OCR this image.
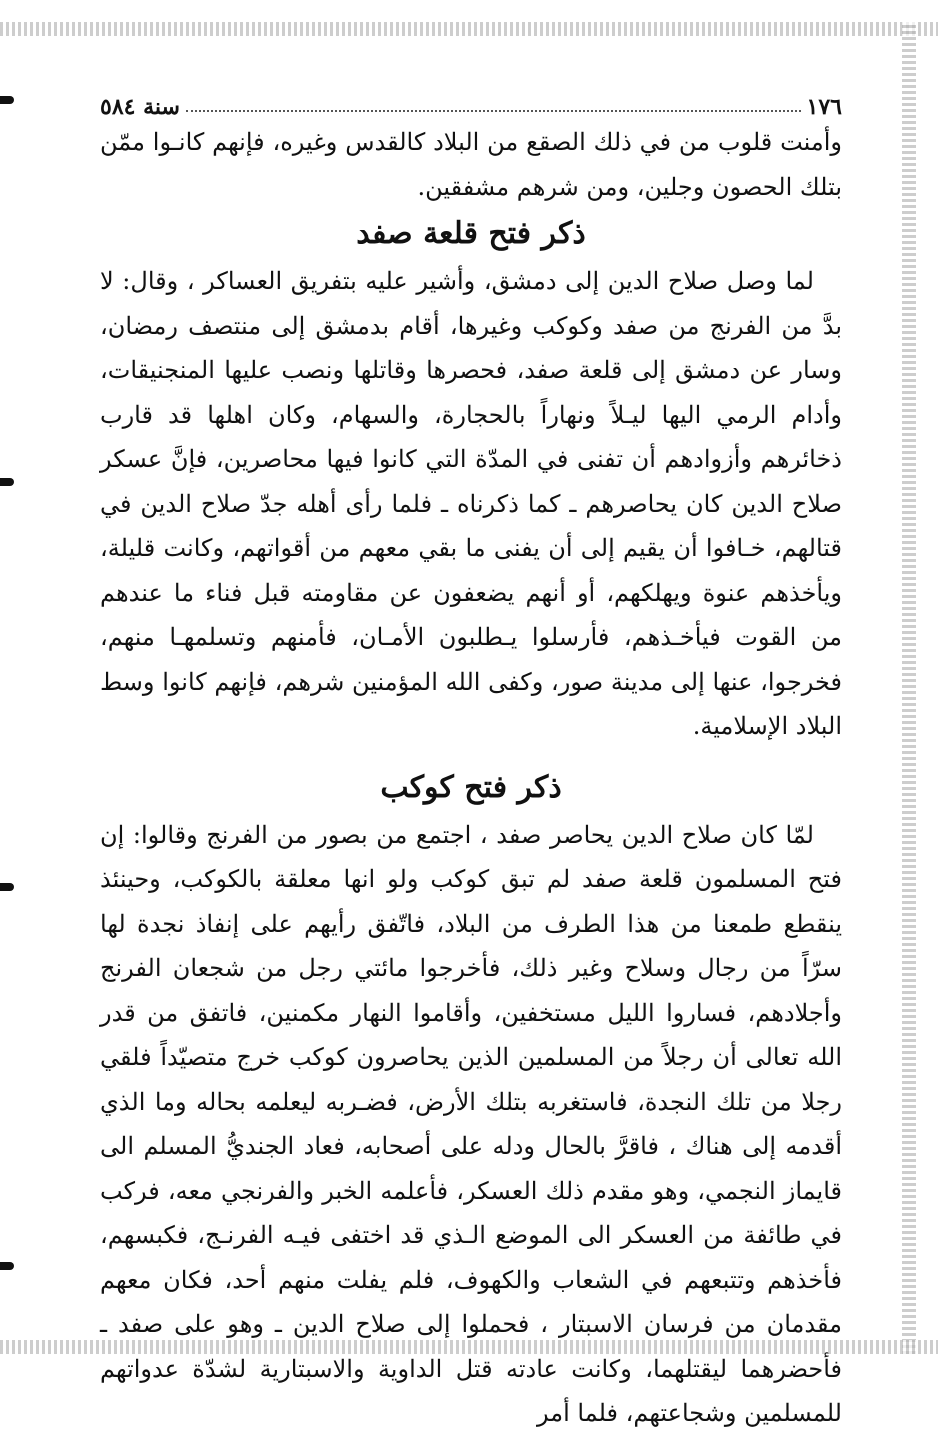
١٧٦
سنة ٥٨٤

وأمنت قلوب من في ذلك الصقع من البلاد كالقدس وغيره، فإنهم كانـوا ممّن بتلك الحصون وجلين، ومن شرهم مشفقين.

ذكر فتح قلعة صفد

لما وصل صلاح الدين إلى دمشق، وأشير عليه بتفريق العساكر ، وقال: لا بدَّ من الفرنج من صفد وكوكب وغيرها، أقام بدمشق إلى منتصف رمضان، وسار عن دمشق إلى قلعة صفد، فحصرها وقاتلها ونصب عليها المنجنيقات، وأدام الرمي اليها ليـلاً ونهاراً بالحجارة، والسهام، وكان اهلها قد قارب ذخائرهم وأزوادهم أن تفنى في المدّة التي كانوا فيها محاصرين، فإنَّ عسكر صلاح الدين كان يحاصرهم ـ كما ذكرناه ـ فلما رأى أهله جدّ صلاح الدين في قتالهم، خـافوا أن يقيم إلى أن يفنى ما بقي معهم من أقواتهم، وكانت قليلة، ويأخذهم عنوة ويهلكهم، أو أنهم يضعفون عن مقاومته قبل فناء ما عندهم من القوت فيأخـذهم، فأرسلوا يـطلبون الأمـان، فأمنهم وتسلمهـا منهم، فخرجوا، عنها إلى مدينة صور، وكفى الله المؤمنين شرهم، فإنهم كانوا وسط البلاد الإسلامية.

ذكر فتح كوكب

لمّا كان صلاح الدين يحاصر صفد ، اجتمع من بصور من الفرنج وقالوا: إن فتح المسلمون قلعة صفد لم تبق كوكب ولو انها معلقة بالكوكب، وحينئذ ينقطع طمعنا من هذا الطرف من البلاد، فاتّفق رأيهم على إنفاذ نجدة لها سرّاً من رجال وسلاح وغير ذلك، فأخرجوا مائتي رجل من شجعان الفرنج وأجلادهم، فساروا الليل مستخفين، وأقاموا النهار مكمنين، فاتفق من قدر الله تعالى أن رجلاً من المسلمين الذين يحاصرون كوكب خرج متصيّداً فلقي رجلا من تلك النجدة، فاستغربه بتلك الأرض، فضـربه ليعلمه بحاله وما الذي أقدمه إلى هناك ، فاقرَّ بالحال ودله على أصحابه، فعاد الجنديُّ المسلم الى قايماز النجمي، وهو مقدم ذلك العسكر، فأعلمه الخبر والفرنجي معه، فركب في طائفة من العسكر الى الموضع الـذي قد اختفى فيـه الفرنـج، فكبسهم، فأخذهم وتتبعهم في الشعاب والكهوف، فلم يفلت منهم أحد، فكان معهم مقدمان من فرسان الاسبتار ، فحملوا إلى صلاح الدين ـ وهو على صفد ـ فأحضرهما ليقتلهما، وكانت عادته قتل الداوية والاسبتارية لشدّة عدواتهم للمسلمين وشجاعتهم، فلما أمر
